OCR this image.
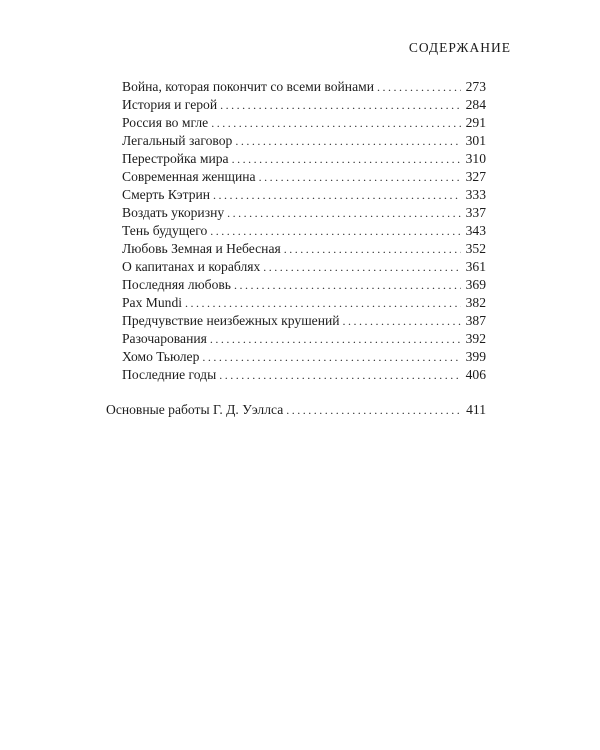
СОДЕРЖАНИЕ
Война, которая покончит со всеми войнами . . .	273
История и герой . . .	284
Россия во мгле . . .	291
Легальный заговор . . .	301
Перестройка мира . . .	310
Современная женщина . . .	327
Смерть Кэтрин . . .	333
Воздать укоризну . . .	337
Тень будущего . . .	343
Любовь Земная и Небесная . . .	352
О капитанах и кораблях . . .	361
Последняя любовь . . .	369
Pax Mundi . . .	382
Предчувствие неизбежных крушений . . .	387
Разочарования . . .	392
Хомо Тьюлер . . .	399
Последние годы . . .	406
Основные работы Г. Д. Уэллса . . .	411
